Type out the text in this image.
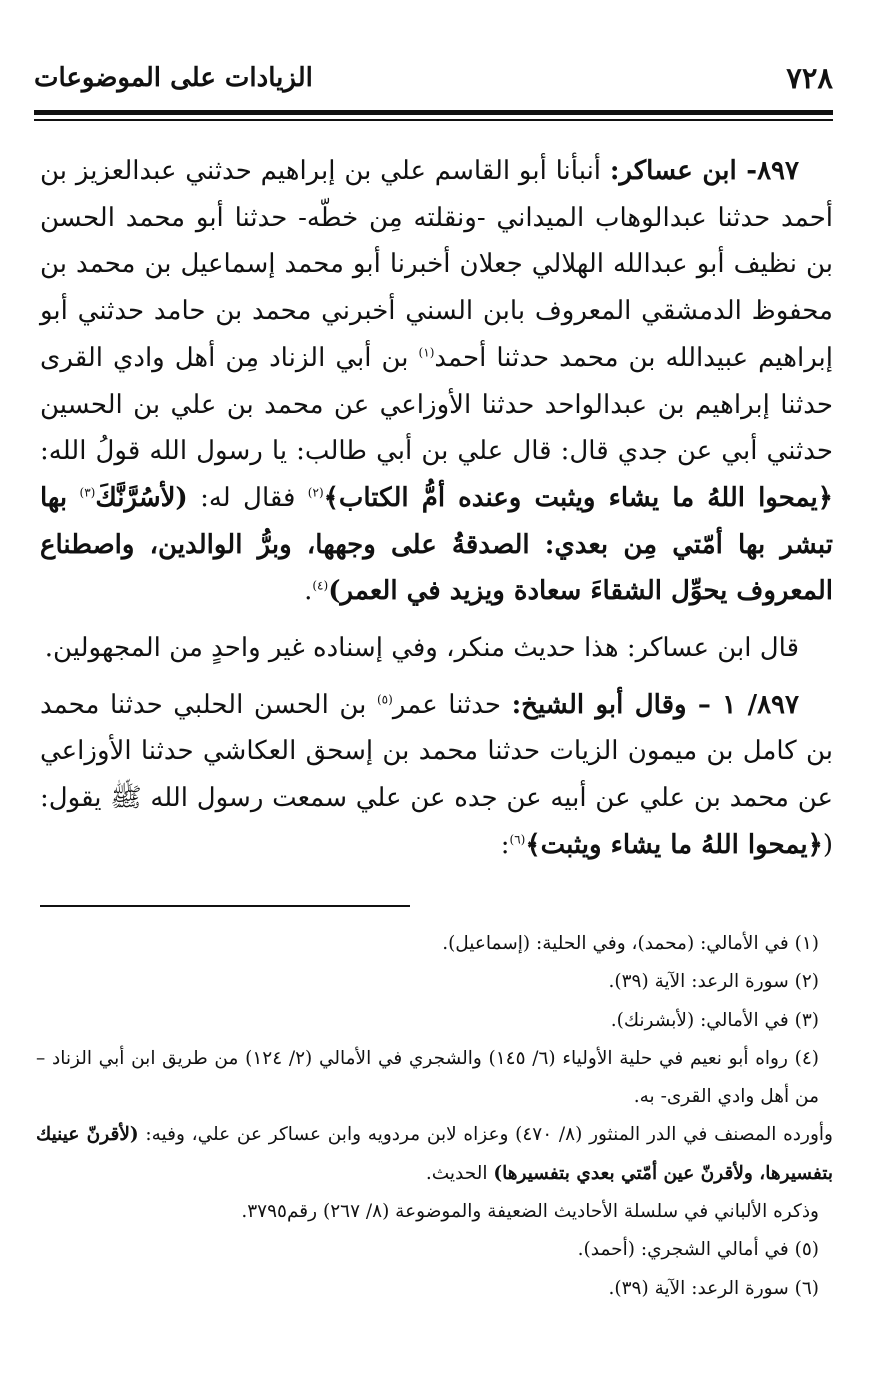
٧٢٨
الزيادات على الموضوعات

٨٩٧- ابن عساكر: أنبأنا أبو القاسم علي بن إبراهيم حدثني عبدالعزيز بن أحمد حدثنا عبدالوهاب الميداني -ونقلته مِن خطّه- حدثنا أبو محمد الحسن بن نظيف أبو عبدالله الهلالي جعلان أخبرنا أبو محمد إسماعيل بن محمد بن محفوظ الدمشقي المعروف بابن السني أخبرني محمد بن حامد حدثني أبو إبراهيم عبيدالله بن محمد حدثنا أحمد$^{(١)}$ بن أبي الزناد مِن أهل وادي القرى حدثنا إبراهيم بن عبدالواحد حدثنا الأوزاعي عن محمد بن علي بن الحسين حدثني أبي عن جدي قال: قال علي بن أبي طالب: يا رسول الله قولُ الله: ﴿يمحوا اللهُ ما يشاء ويثبت وعنده أمُّ الكتاب﴾$^{(٢)}$ فقال له: (لأسُرَّنَّكَ$^{(٣)}$ بها تبشر بها أمّتي مِن بعدي: الصدقةُ على وجهها، وبرُّ الوالدين، واصطناع المعروف يحوِّل الشقاءَ سعادة ويزيد في العمر)$^{(٤)}$.

قال ابن عساكر: هذا حديث منكر، وفي إسناده غير واحدٍ من المجهولين.

٨٩٧/ ١ – وقال أبو الشيخ: حدثنا عمر$^{(٥)}$ بن الحسن الحلبي حدثنا محمد بن كامل بن ميمون الزيات حدثنا محمد بن إسحق العكاشي حدثنا الأوزاعي عن محمد بن علي عن أبيه عن جده عن علي سمعت رسول الله ﷺ يقول: (﴿يمحوا اللهُ ما يشاء ويثبت﴾$^{(٦)}$:

(١) في الأمالي: (محمد)، وفي الحلية: (إسماعيل).

(٢) سورة الرعد: الآية (٣٩).

(٣) في الأمالي: (لأبشرنك).

(٤) رواه أبو نعيم في حلية الأولياء (٦/ ١٤٥) والشجري في الأمالي (٢/ ١٢٤) من طريق ابن أبي الزناد – من أهل وادي القرى- به.

وأورده المصنف في الدر المنثور (٨/ ٤٧٠) وعزاه لابن مردويه وابن عساكر عن علي، وفيه: (لأقرنّ عينيك بتفسيرها، ولأقرنّ عين أمّتي بعدي بتفسيرها) الحديث.

وذكره الألباني في سلسلة الأحاديث الضعيفة والموضوعة (٨/ ٢٦٧) رقم٣٧٩٥.

(٥) في أمالي الشجري: (أحمد).

(٦) سورة الرعد: الآية (٣٩).
